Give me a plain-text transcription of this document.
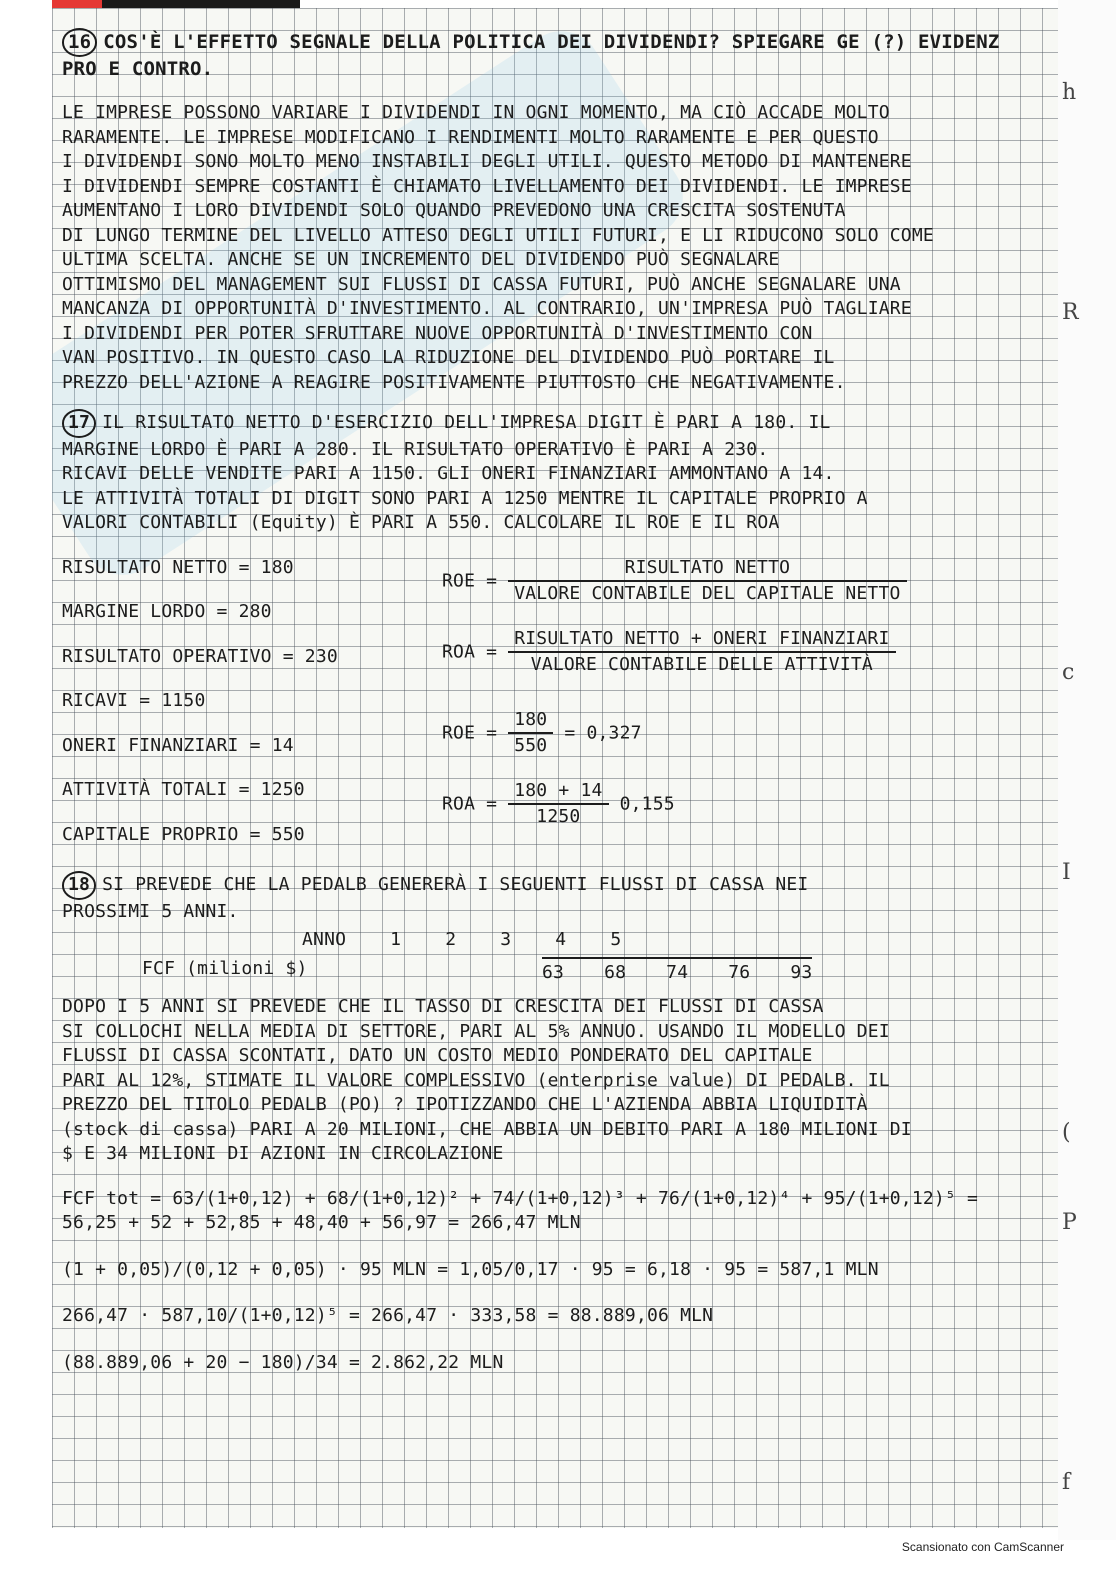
h
R
c
I
(
P
f

16 COS'È L'EFFETTO SEGNALE DELLA POLITICA DEI DIVIDENDI? SPIEGARE GE (?) EVIDENZ PRO E CONTRO.

LE IMPRESE POSSONO VARIARE I DIVIDENDI IN OGNI MOMENTO, MA CIÒ ACCADE MOLTO

RARAMENTE. LE IMPRESE MODIFICANO I RENDIMENTI MOLTO RARAMENTE E PER QUESTO

I DIVIDENDI SONO MOLTO MENO INSTABILI DEGLI UTILI. QUESTO METODO DI MANTENERE

I DIVIDENDI SEMPRE COSTANTI È CHIAMATO LIVELLAMENTO DEI DIVIDENDI. LE IMPRESE

AUMENTANO I LORO DIVIDENDI SOLO QUANDO PREVEDONO UNA CRESCITA SOSTENUTA

DI LUNGO TERMINE DEL LIVELLO ATTESO DEGLI UTILI FUTURI, E LI RIDUCONO SOLO COME

ULTIMA SCELTA. ANCHE SE UN INCREMENTO DEL DIVIDENDO PUÒ SEGNALARE

OTTIMISMO DEL MANAGEMENT SUI FLUSSI DI CASSA FUTURI, PUÒ ANCHE SEGNALARE UNA

MANCANZA DI OPPORTUNITÀ D'INVESTIMENTO. AL CONTRARIO, UN'IMPRESA PUÒ TAGLIARE

I DIVIDENDI PER POTER SFRUTTARE NUOVE OPPORTUNITÀ D'INVESTIMENTO CON

VAN POSITIVO. IN QUESTO CASO LA RIDUZIONE DEL DIVIDENDO PUÒ PORTARE IL

PREZZO DELL'AZIONE A REAGIRE POSITIVAMENTE PIUTTOSTO CHE NEGATIVAMENTE.

17 IL RISULTATO NETTO D'ESERCIZIO DELL'IMPRESA DIGIT È PARI A 180. IL

MARGINE LORDO È PARI A 280. IL RISULTATO OPERATIVO È PARI A 230.

RICAVI DELLE VENDITE PARI A 1150. GLI ONERI FINANZIARI AMMONTANO A 14.

LE ATTIVITÀ TOTALI DI DIGIT SONO PARI A 1250 MENTRE IL CAPITALE PROPRIO A

VALORI CONTABILI (Equity) È PARI A 550. CALCOLARE IL ROE E IL ROA

RISULTATO NETTO = 180

MARGINE LORDO = 280

RISULTATO OPERATIVO = 230

RICAVI = 1150

ONERI FINANZIARI = 14

ATTIVITÀ TOTALI = 1250

CAPITALE PROPRIO = 550

ROE = $\frac{\text{RISULTATO NETTO}}{\text{VALORE CONTABILE DEL CAPITALE NETTO}}$
ROA = $\frac{\text{RISULTATO NETTO + ONERI FINANZIARI}}{\text{VALORE CONTABILE DELLE ATTIVITÀ}}$
ROE = $\frac{180}{550} = 0,327$
ROA = $\frac{180 + 14}{1250} 0,155$

18 SI PREVEDE CHE LA PEDALB GENERERÀ I SEGUENTI FLUSSI DI CASSA NEI

PROSSIMI 5 ANNI.

ANNO 1 2 3 4 5
FCF (milioni $)	63 68 74 76 93

DOPO I 5 ANNI SI PREVEDE CHE IL TASSO DI CRESCITA DEI FLUSSI DI CASSA

SI COLLOCHI NELLA MEDIA DI SETTORE, PARI AL 5% ANNUO. USANDO IL MODELLO DEI

FLUSSI DI CASSA SCONTATI, DATO UN COSTO MEDIO PONDERATO DEL CAPITALE

PARI AL 12%, STIMATE IL VALORE COMPLESSIVO (enterprise value) DI PEDALB. IL

PREZZO DEL TITOLO PEDALB (PO) ? IPOTIZZANDO CHE L'AZIENDA ABBIA LIQUIDITÀ

(stock di cassa) PARI A 20 MILIONI, CHE ABBIA UN DEBITO PARI A 180 MILIONI DI

$ E 34 MILIONI DI AZIONI IN CIRCOLAZIONE

FCF tot = 63/(1+0,12) + 68/(1+0,12)² + 74/(1+0,12)³ + 76/(1+0,12)⁴ + 95/(1+0,12)⁵ = 56,25 + 52 + 52,85 + 48,40 + 56,97 = 266,47 MLN

(1 + 0,05)/(0,12 + 0,05) · 95 MLN = 1,05/0,17 · 95 = 6,18 · 95 = 587,1 MLN

266,47 · 587,10/(1+0,12)⁵ = 266,47 · 333,58 = 88.889,06 MLN

(88.889,06 + 20 − 180)/34 = 2.862,22 MLN

Scansionato con CamScanner
